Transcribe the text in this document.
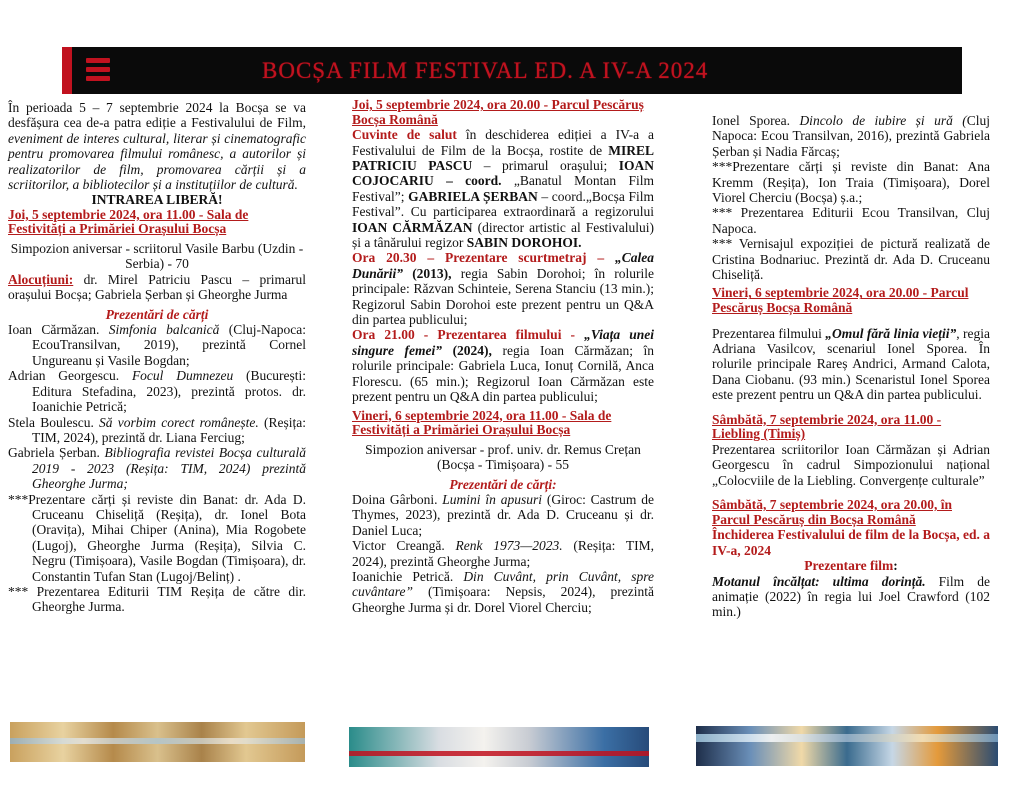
BOCȘA FILM FESTIVAL ED. A IV-A 2024

În perioada 5 – 7 septembrie 2024 la Bocșa se va desfășura cea de-a patra ediție a Festivalului de Film, eveniment de interes cultural, literar și cinematografic pentru promovarea filmului românesc, a autorilor și realizatorilor de film, promovarea cărții și a scriitorilor, a bibliotecilor și a instituțiilor de cultură.

INTRAREA LIBERĂ!

Joi, 5 septembrie 2024, ora 11.00 - Sala de Festivități a Primăriei Orașului Bocșa

Simpozion aniversar - scriitorul Vasile Barbu (Uzdin - Serbia) - 70

Alocuțiuni: dr. Mirel Patriciu Pascu – primarul orașului Bocșa; Gabriela Șerban și Gheorghe Jurma

Prezentări de cărți

Ioan Cărmăzan. Simfonia balcanică (Cluj-Napoca: EcouTransilvan, 2019), prezintă Cornel Ungureanu și Vasile Bogdan;

Adrian Georgescu. Focul Dumnezeu (București: Editura Stefadina, 2023), prezintă protos. dr. Ioanichie Petrică;

Stela Boulescu. Să vorbim corect românește. (Reșița: TIM, 2024), prezintă dr. Liana Ferciug;

Gabriela Șerban. Bibliografia revistei Bocșa culturală 2019 - 2023 (Reșița: TIM, 2024) prezintă Gheorghe Jurma;

***Prezentare cărți și reviste din Banat: dr. Ada D. Cruceanu Chiseliță (Reșița), dr. Ionel Bota (Oravița), Mihai Chiper (Anina), Mia Rogobete (Lugoj), Gheorghe Jurma (Reșița), Silvia C. Negru (Timișoara), Vasile Bogdan (Timișoara), dr. Constantin Tufan Stan (Lugoj/Belinț) .

*** Prezentarea Editurii TIM Reșița de către dir. Gheorghe Jurma.

Joi, 5 septembrie 2024, ora 20.00 - Parcul Pescăruș Bocșa Română

Cuvinte de salut în deschiderea ediției a IV-a a Festivalului de Film de la Bocșa, rostite de MIREL PATRICIU PASCU – primarul orașului; IOAN COJOCARIU – coord. „Banatul Montan Film Festival”; GABRIELA ȘERBAN – coord.„Bocșa Film Festival”. Cu participarea extraordinară a regizorului IOAN CĂRMĂZAN (director artistic al Festivalului) și a tânărului regizor SABIN DOROHOI.

Ora 20.30 – Prezentare scurtmetraj – „Calea Dunării” (2013), regia Sabin Dorohoi; în rolurile principale: Răzvan Schinteie, Serena Stanciu (13 min.); Regizorul Sabin Dorohoi este prezent pentru un Q&A din partea publicului;

Ora 21.00 - Prezentarea filmului - „Viața unei singure femei” (2024), regia Ioan Cărmăzan; în rolurile principale: Gabriela Luca, Ionuț Cornilă, Anca Florescu. (65 min.); Regizorul Ioan Cărmăzan este prezent pentru un Q&A din partea publicului;

Vineri, 6 septembrie 2024, ora 11.00 - Sala de Festivități a Primăriei Orașului Bocșa

Simpozion aniversar - prof. univ. dr. Remus Crețan (Bocșa - Timișoara) - 55

Prezentări de cărți:

Doina Gârboni. Lumini în apusuri (Giroc: Castrum de Thymes, 2023), prezintă dr. Ada D. Cruceanu și dr. Daniel Luca;

Victor Creangă. Renk 1973—2023. (Reșița: TIM, 2024), prezintă Gheorghe Jurma;

Ioanichie Petrică. Din Cuvânt, prin Cuvânt, spre cuvântare” (Timișoara: Nepsis, 2024), prezintă Gheorghe Jurma și dr. Dorel Viorel Cherciu;

Ionel Sporea. Dincolo de iubire și ură (Cluj Napoca: Ecou Transilvan, 2016), prezintă Gabriela Șerban și Nadia Fărcaș;

***Prezentare cărți și reviste din Banat: Ana Kremm (Reșița), Ion Traia (Timișoara), Dorel Viorel Cherciu (Bocșa) ș.a.;

*** Prezentarea Editurii Ecou Transilvan, Cluj Napoca.

*** Vernisajul expoziției de pictură realizată de Cristina Bodnariuc. Prezintă dr. Ada D. Cruceanu Chiseliță.

Vineri, 6 septembrie 2024, ora 20.00 - Parcul Pescăruș Bocșa Română

Prezentarea filmului „Omul fără linia vieții”, regia Adriana Vasilcov, scenariul Ionel Sporea. În rolurile principale Rareș Andrici, Armand Calota, Dana Ciobanu. (93 min.) Scenaristul Ionel Sporea este prezent pentru un Q&A din partea publicului.

Sâmbătă, 7 septembrie 2024, ora 11.00 - Liebling (Timiș)

Prezentarea scriitorilor Ioan Cărmăzan și Adrian Georgescu în cadrul Simpozionului național „Colocviile de la Liebling. Convergențe culturale”

Sâmbătă, 7 septembrie 2024, ora 20.00, în Parcul Pescăruș din Bocșa Română

Închiderea Festivalului de film de la Bocșa, ed. a IV-a, 2024

Prezentare film:

Motanul încălțat: ultima dorință. Film de animație (2022) în regia lui Joel Crawford (102 min.)
